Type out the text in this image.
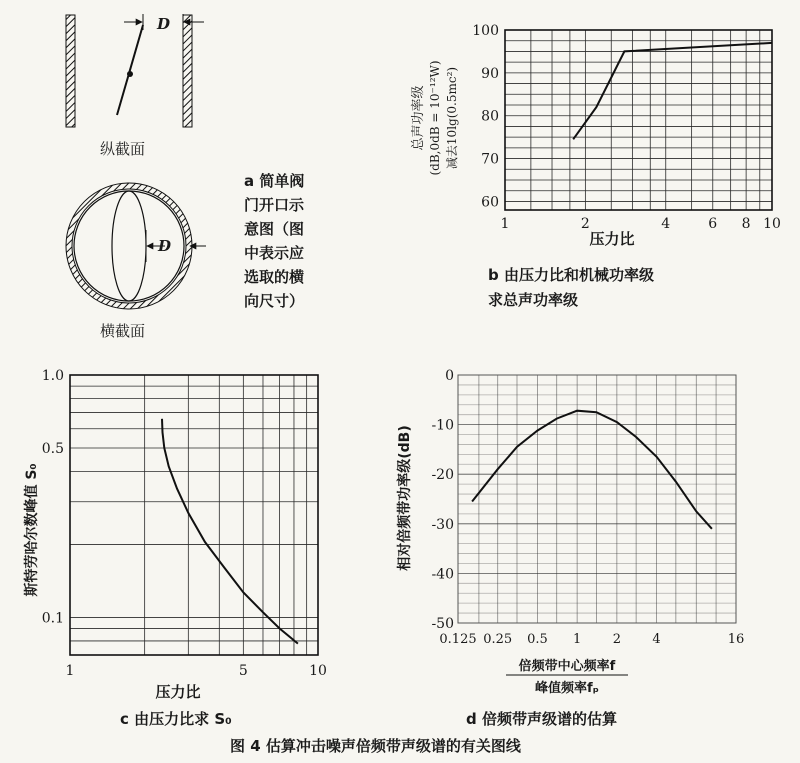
D
纵截面
D
横截面
a 简单阀
门开口示
意图（图
中表示应
选取的横
向尺寸）
1	2	4	6 8 10
60
70
80
90
100
压力比
总声功率级 (dB,0dB = 10⁻¹²W) 减去10lg(0.5mc²)
b 由压力比和机械功率级
求总声功率级
1	5	10
0.1
0.5
1.0
压力比
斯特劳哈尔数峰值 S₀
c 由压力比求 S₀
0.125 0.25 0.5 1 2 4	16
0
-10
-20
-30
-40
-50
相对倍频带功率级(dB)
倍频带中心频率f
峰值频率fₚ
d 倍频带声级谱的估算
图 4 估算冲击噪声倍频带声级谱的有关图线
